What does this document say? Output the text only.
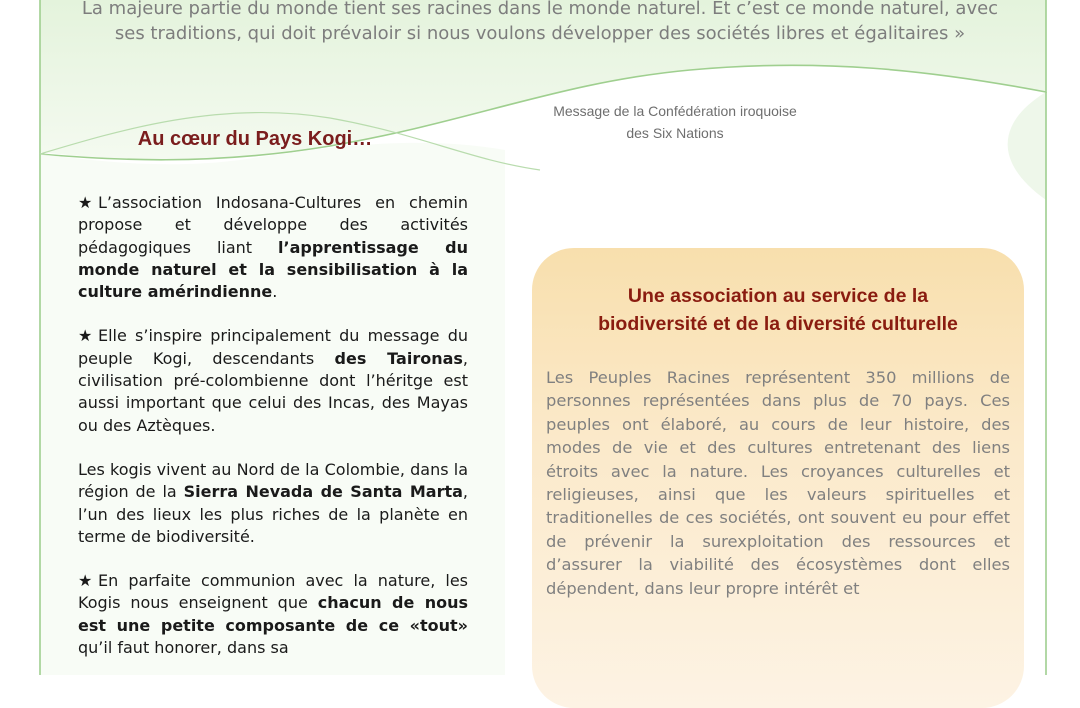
La majeure partie du monde tient ses racines dans le monde naturel. Et c’est ce monde naturel, avec ses traditions, qui doit prévaloir si nous voulons développer des sociétés libres et égalitaires »

Message de la Confédération iroquoise
des Six Nations
Au cœur du Pays Kogi…

★ L’association Indosana-Cultures en chemin propose et développe des activités pédagogiques liant l’apprentissage du monde naturel et la sensibilisation à la culture amérindienne.

★ Elle s’inspire principalement du message du peuple Kogi, descendants des Taironas, civilisation pré-colombienne dont l’héritge est aussi important que celui des Incas, des Mayas ou des Aztèques.

Les kogis vivent au Nord de la Colombie, dans la région de la Sierra Nevada de Santa Marta, l’un des lieux les plus riches de la planète en terme de biodiversité.

★ En parfaite communion avec la nature, les Kogis nous enseignent que chacun de nous est une petite composante de ce «tout» qu’il faut honorer, dans sa

Une association au service de la biodiversité et de la diversité culturelle
Les Peuples Racines représentent 350 millions de personnes représentées dans plus de 70 pays. Ces peuples ont élaboré, au cours de leur histoire, des modes de vie et des cultures entretenant des liens étroits avec la nature. Les croyances culturelles et religieuses, ainsi que les valeurs spirituelles et traditionelles de ces sociétés, ont souvent eu pour effet de prévenir la surexploitation des ressources et d’assurer la viabilité des écosystèmes dont elles dépendent, dans leur propre intérêt et
